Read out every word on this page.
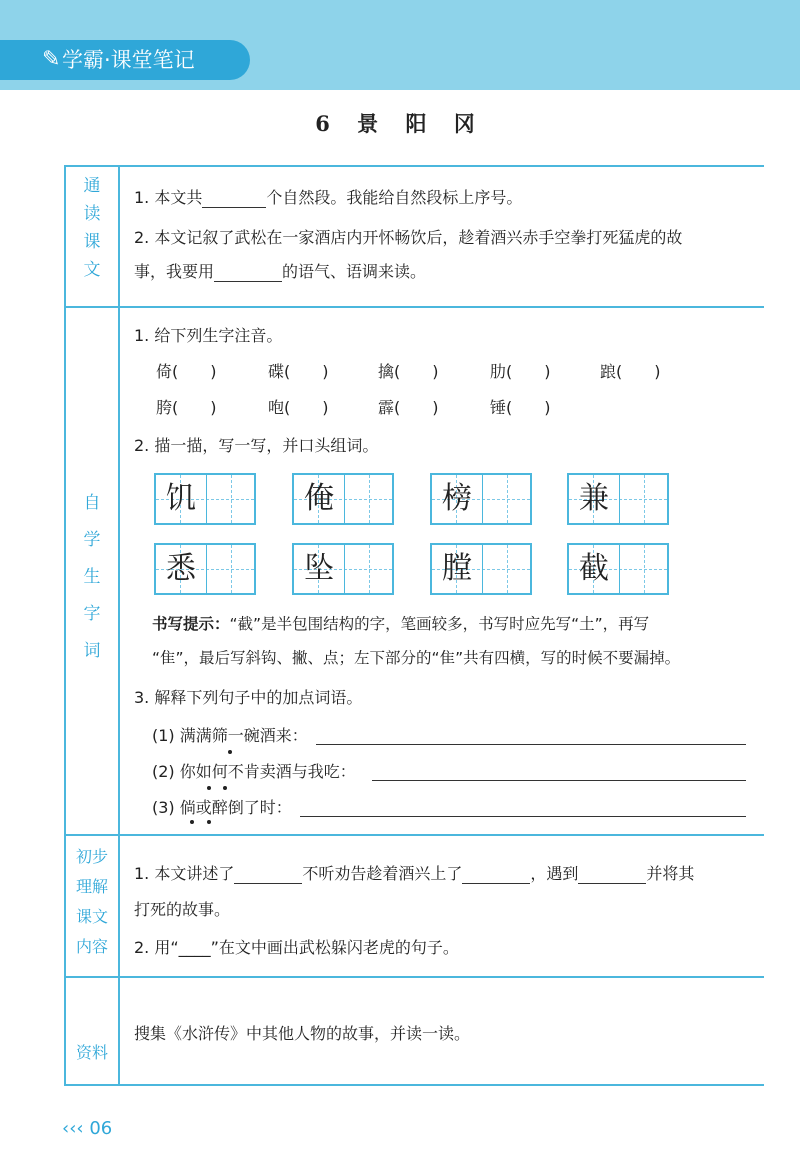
✎ 学霸·课堂笔记
6 景 阳 冈
通
读
课
文
1. 本文共	个自然段。我能给自然段标上序号。
2. 本文记叙了武松在一家酒店内开怀畅饮后，趁着酒兴赤手空拳打死猛虎的故
事，我要用	的语气、语调来读。
自
学
生
字
词
1. 给下列生字注音。
倚(　　)	碟(　　)	擒(　　)	肋(　　)	踉(　　)
胯(　　)	咆(　　)	霹(　　)	锤(　　)
2. 描一描，写一写，并口头组词。
饥	俺	榜	兼
悉	坠	膛	截
书写提示：“截”是半包围结构的字，笔画较多，书写时应先写“土”，再写
“隹”，最后写斜钩、撇、点；左下部分的“隹”共有四横，写的时候不要漏掉。
3. 解释下列句子中的加点词语。
(1) 满满筛一碗酒来：
(2) 你如何不肯卖酒与我吃：
(3) 倘或醉倒了时：
初步
理解
课文
内容
1. 本文讲述了	不听劝告趁着酒兴上了	，遇到	并将其
打死的故事。
2. 用“____”在文中画出武松躲闪老虎的句子。
资料
搜集《水浒传》中其他人物的故事，并读一读。
‹‹‹ 06
